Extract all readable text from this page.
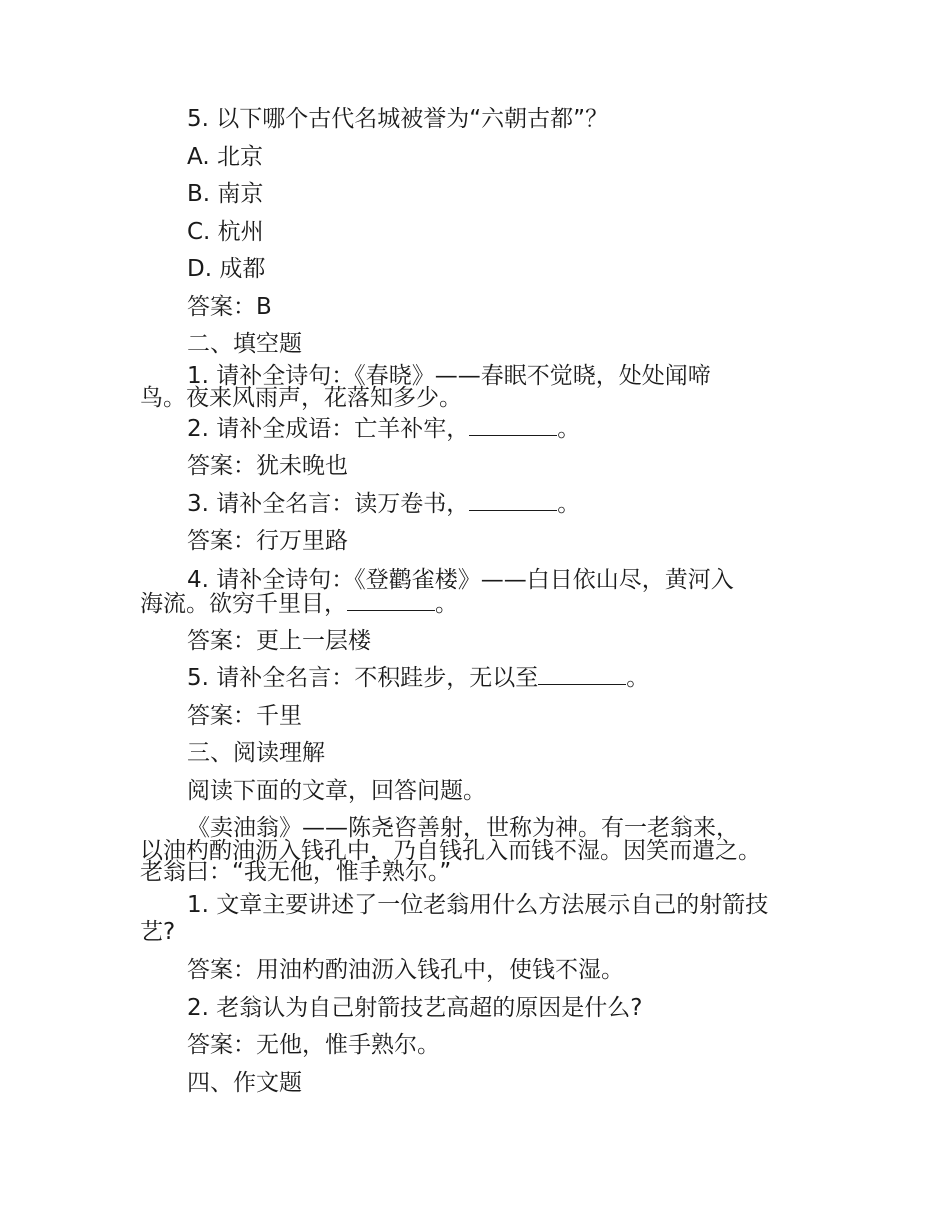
5. 以下哪个古代名城被誉为“六朝古都”？
A. 北京
B. 南京
C. 杭州
D. 成都
答案：B
二、填空题
1. 请补全诗句：《春晓》——春眠不觉晓，处处闻啼
鸟。夜来风雨声，花落知多少。
2. 请补全成语：亡羊补牢，	。
答案：犹未晚也
3. 请补全名言：读万卷书，	。
答案：行万里路
4. 请补全诗句：《登鹳雀楼》——白日依山尽，黄河入
海流。欲穷千里目，	。
答案：更上一层楼
5. 请补全名言：不积跬步，无以至	。
答案：千里
三、阅读理解
阅读下面的文章，回答问题。
《卖油翁》——陈尧咨善射，世称为神。有一老翁来，
以油杓酌油沥入钱孔中，乃自钱孔入而钱不湿。因笑而遣之。
老翁曰：“我无他，惟手熟尔。”
1. 文章主要讲述了一位老翁用什么方法展示自己的射箭技
艺?
答案：用油杓酌油沥入钱孔中，使钱不湿。
2. 老翁认为自己射箭技艺高超的原因是什么?
答案：无他，惟手熟尔。
四、作文题
